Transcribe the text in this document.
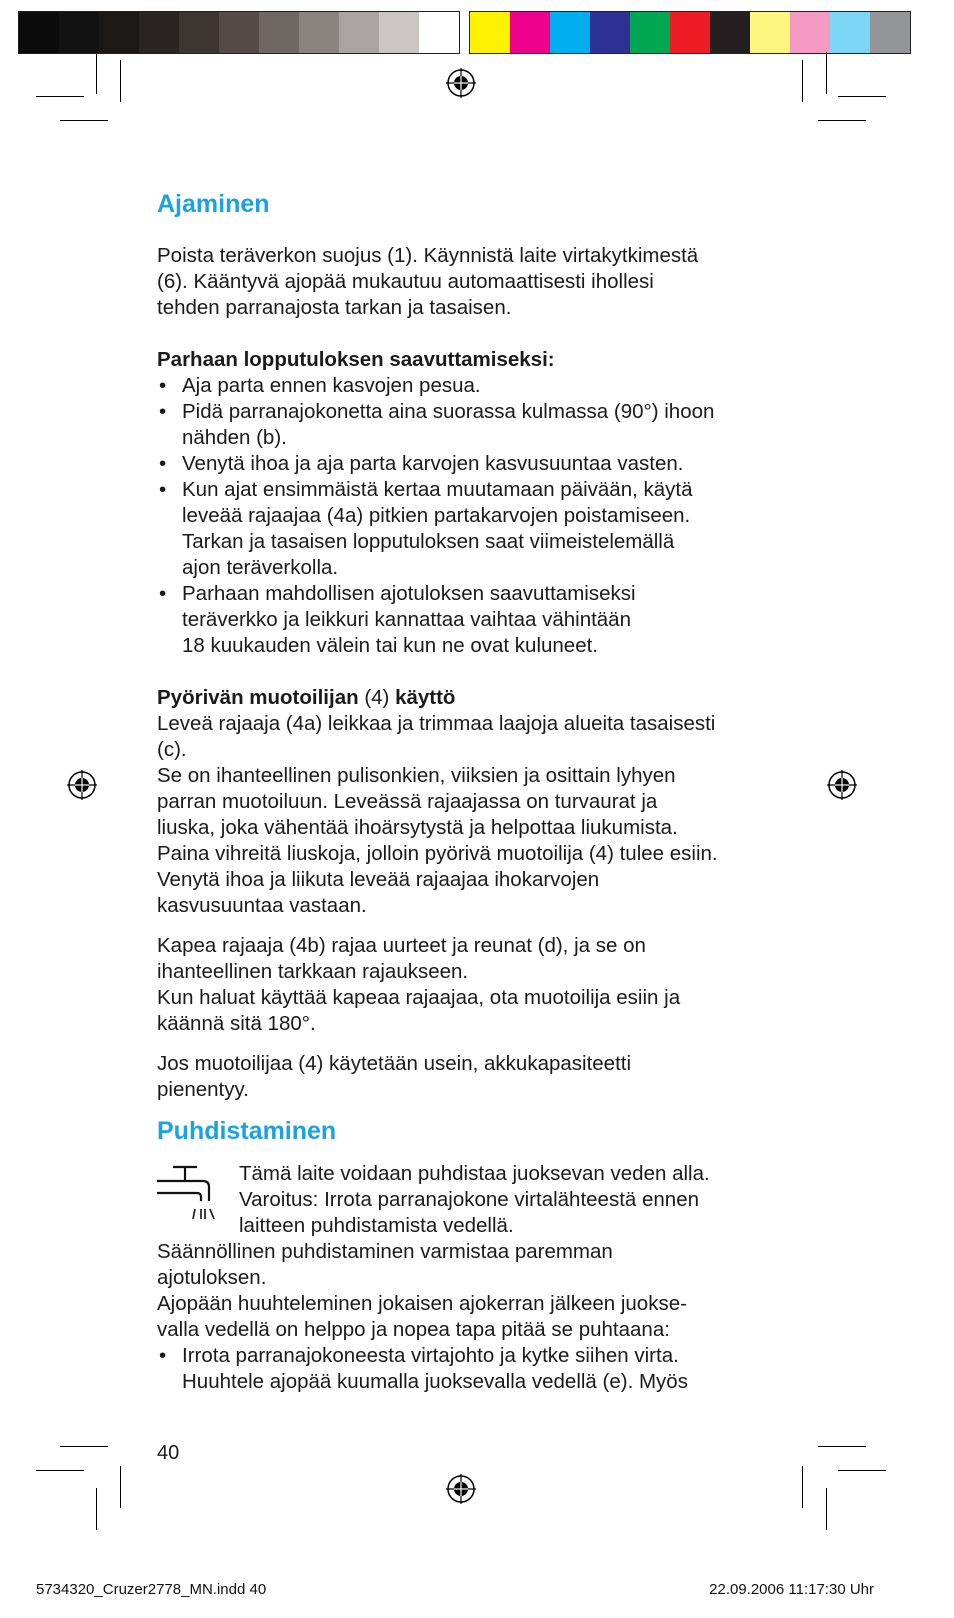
Ajaminen

Poista teräverkon suojus (1). Käynnistä laite virtakytkimestä
(6). Kääntyvä ajopää mukautuu automaattisesti ihollesi
tehden parranajosta tarkan ja tasaisen.

Parhaan lopputuloksen saavuttamiseksi:

• Aja parta ennen kasvojen pesua.
• Pidä parranajokonetta aina suorassa kulmassa (90°) ihoon
nähden (b).
• Venytä ihoa ja aja parta karvojen kasvusuuntaa vasten.
• Kun ajat ensimmäistä kertaa muutamaan päivään, käytä
leveää rajaajaa (4a) pitkien partakarvojen poistamiseen.
Tarkan ja tasaisen lopputuloksen saat viimeistelemällä
ajon teräverkolla.
• Parhaan mahdollisen ajotuloksen saavuttamiseksi
teräverkko ja leikkuri kannattaa vaihtaa vähintään
18 kuukauden välein tai kun ne ovat kuluneet.

Pyörivän muotoilijan (4) käyttö

Leveä rajaaja (4a) leikkaa ja trimmaa laajoja alueita tasaisesti
(c).
Se on ihanteellinen pulisonkien, viiksien ja osittain lyhyen
parran muotoiluun. Leveässä rajaajassa on turvaurat ja
liuska, joka vähentää ihoärsytystä ja helpottaa liukumista.
Paina vihreitä liuskoja, jolloin pyörivä muotoilija (4) tulee esiin.
Venytä ihoa ja liikuta leveää rajaajaa ihokarvojen
kasvusuuntaa vastaan.

Kapea rajaaja (4b) rajaa uurteet ja reunat (d), ja se on
ihanteellinen tarkkaan rajaukseen.
Kun haluat käyttää kapeaa rajaajaa, ota muotoilija esiin ja
käännä sitä 180°.

Jos muotoilijaa (4) käytetään usein, akkukapasiteetti
pienentyy.

Puhdistaminen

Tämä laite voidaan puhdistaa juoksevan veden alla.
Varoitus: Irrota parranajokone virtalähteestä ennen
laitteen puhdistamista vedellä.

Säännöllinen puhdistaminen varmistaa paremman
ajotuloksen.
Ajopään huuhteleminen jokaisen ajokerran jälkeen juokse-
valla vedellä on helppo ja nopea tapa pitää se puhtaana:

• Irrota parranajokoneesta virtajohto ja kytke siihen virta.
Huuhtele ajopää kuumalla juoksevalla vedellä (e). Myös
40
5734320_Cruzer2778_MN.indd 40	22.09.2006 11:17:30 Uhr
